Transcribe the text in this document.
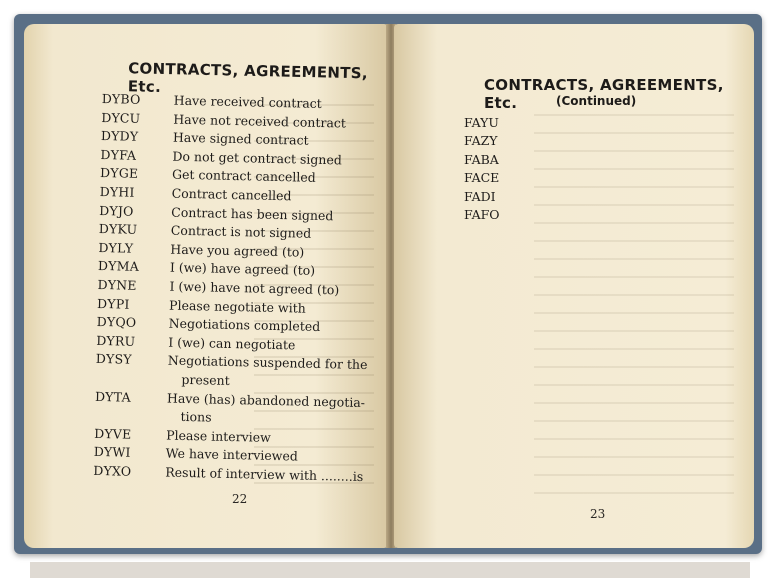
CONTRACTS, AGREEMENTS, Etc.
DYBO	Have received contract
DYCU	Have not received contract
DYDY	Have signed contract
DYFA	Do not get contract signed
DYGE	Get contract cancelled
DYHI	Contract cancelled
DYJO	Contract has been signed
DYKU	Contract is not signed
DYLY	Have you agreed (to)
DYMA	I (we) have agreed (to)
DYNE	I (we) have not agreed (to)
DYPI	Please negotiate with
DYQO	Negotiations completed
DYRU	I (we) can negotiate
DYSY	Negotiations suspended for the
present
DYTA	Have (has) abandoned negotia-
tions
DYVE	Please interview
DYWI	We have interviewed
DYXO	Result of interview with ........is
22
CONTRACTS, AGREEMENTS, Etc.	(Continued)
FAYU
FAZY
FABA
FACE
FADI
FAFO
23
